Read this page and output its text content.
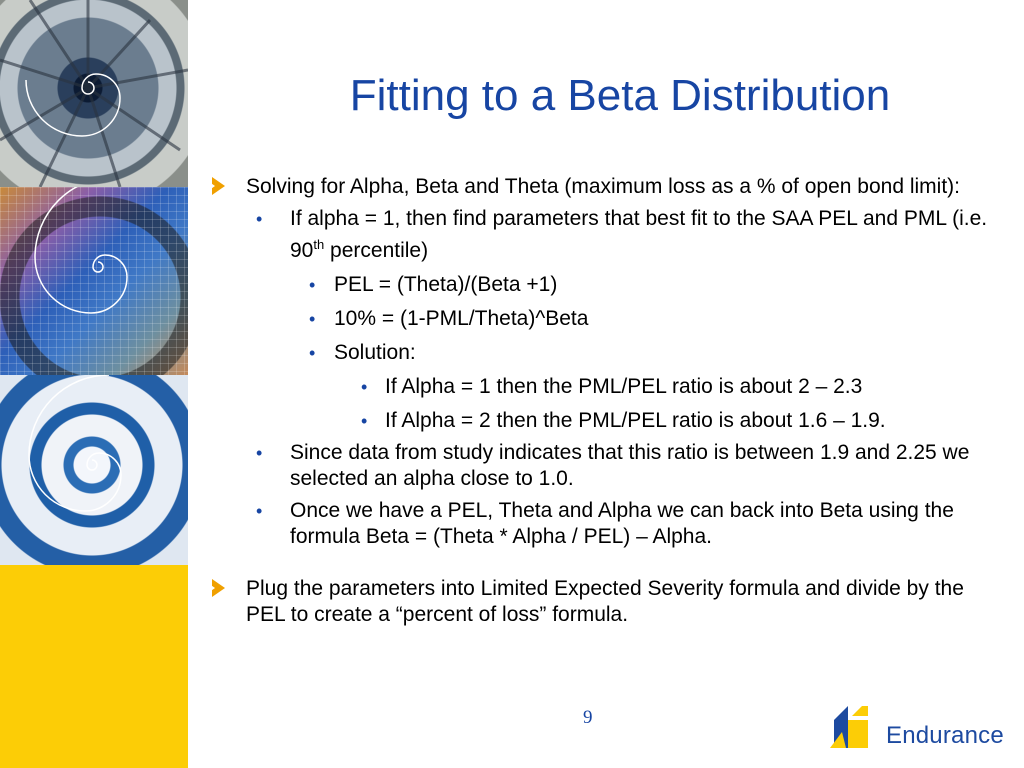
Fitting to a Beta Distribution
Solving for Alpha, Beta and Theta (maximum loss as a % of open bond limit):
• If alpha = 1, then find parameters that best fit to the SAA PEL and PML (i.e. 90th percentile)
• PEL = (Theta)/(Beta +1)
• 10% = (1-PML/Theta)^Beta
• Solution:
• If Alpha = 1 then the PML/PEL ratio is about 2 – 2.3
• If Alpha = 2 then the PML/PEL ratio is about 1.6 – 1.9.
• Since data from study indicates that this ratio is between 1.9 and 2.25 we selected an alpha close to 1.0.
• Once we have a PEL, Theta and Alpha we can back into Beta using the formula Beta = (Theta * Alpha / PEL) – Alpha.
Plug the parameters into Limited Expected Severity formula and divide by the PEL to create a “percent of loss” formula.
9
Endurance
